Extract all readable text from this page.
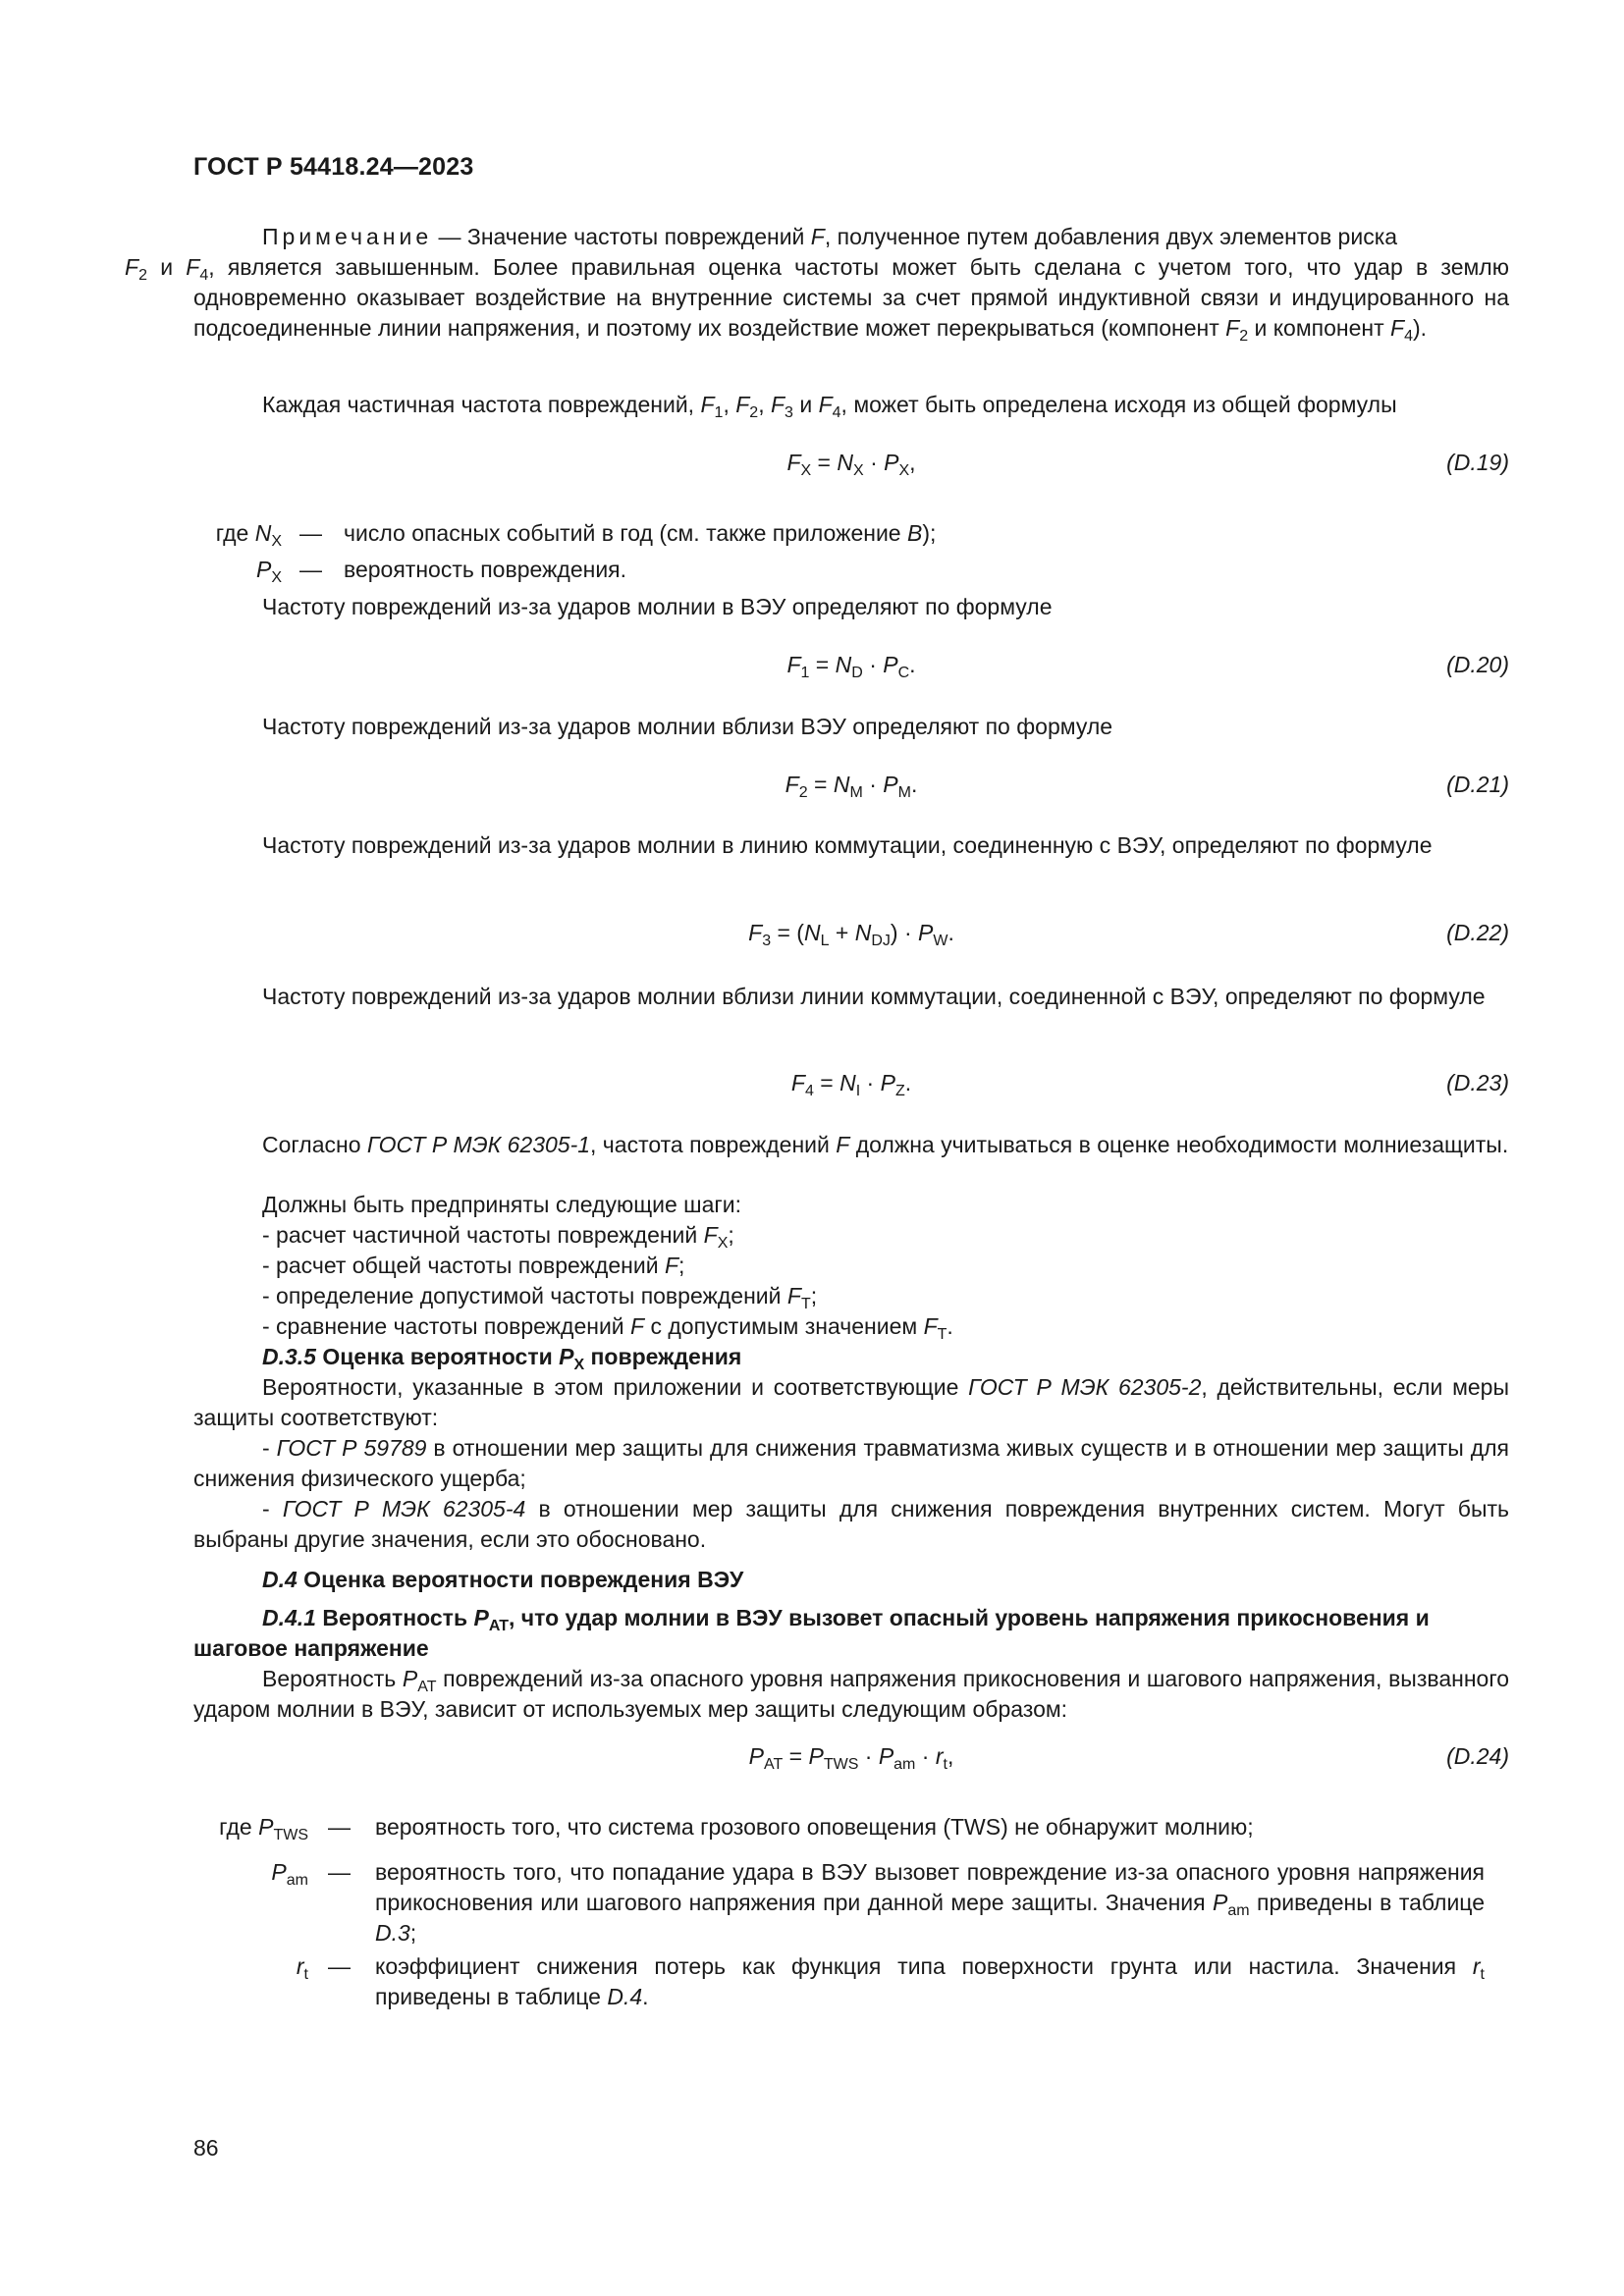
ГОСТ Р 54418.24—2023
Примечание — Значение частоты повреждений F, полученное путем добавления двух элементов риска
$F_2$ и $F_4$, является завышенным. Более правильная оценка частоты может быть сделана с учетом того, что удар в землю одновременно оказывает воздействие на внутренние системы за счет прямой индуктивной связи и индуцированного на подсоединенные линии напряжения, и поэтому их воздействие может перекрываться (компонент $F_2$ и компонент $F_4$).
Каждая частичная частота повреждений, $F_1$, $F_2$, $F_3$ и $F_4$, может быть определена исходя из общей формулы
$F_X = N_X \cdot P_X$,	(D.19)
где $N_X$ — число опасных событий в год (см. также приложение B);
$P_X$ — вероятность повреждения.
Частоту повреждений из-за ударов молнии в ВЭУ определяют по формуле
$F_1 = N_D \cdot P_C$.	(D.20)
Частоту повреждений из-за ударов молнии вблизи ВЭУ определяют по формуле
$F_2 = N_M \cdot P_M$.	(D.21)
Частоту повреждений из-за ударов молнии в линию коммутации, соединенную с ВЭУ, определяют по формуле
$F_3 = (N_L + N_{DJ}) \cdot P_W$.	(D.22)
Частоту повреждений из-за ударов молнии вблизи линии коммутации, соединенной с ВЭУ, определяют по формуле
$F_4 = N_I \cdot P_Z$.	(D.23)
Согласно ГОСТ Р МЭК 62305-1, частота повреждений F должна учитываться в оценке необходимости молниезащиты.
Должны быть предприняты следующие шаги:
- расчет частичной частоты повреждений $F_X$;
- расчет общей частоты повреждений F;
- определение допустимой частоты повреждений $F_T$;
- сравнение частоты повреждений F с допустимым значением $F_T$.
D.3.5 Оценка вероятности $P_X$ повреждения
Вероятности, указанные в этом приложении и соответствующие ГОСТ Р МЭК 62305-2, действительны, если меры защиты соответствуют:
- ГОСТ Р 59789 в отношении мер защиты для снижения травматизма живых существ и в отношении мер защиты для снижения физического ущерба;
- ГОСТ Р МЭК 62305-4 в отношении мер защиты для снижения повреждения внутренних систем. Могут быть выбраны другие значения, если это обосновано.
D.4 Оценка вероятности повреждения ВЭУ
D.4.1 Вероятность $P_{AT}$, что удар молнии в ВЭУ вызовет опасный уровень напряжения прикосновения и шаговое напряжение
Вероятность $P_{AT}$ повреждений из-за опасного уровня напряжения прикосновения и шагового напряжения, вызванного ударом молнии в ВЭУ, зависит от используемых мер защиты следующим образом:
$P_{AT} = P_{TWS} \cdot P_{am} \cdot r_t$,	(D.24)
где $P_{TWS}$ — вероятность того, что система грозового оповещения (TWS) не обнаружит молнию;
$P_{am}$ — вероятность того, что попадание удара в ВЭУ вызовет повреждение из-за опасного уровня напряжения прикосновения или шагового напряжения при данной мере защиты. Значения $P_{am}$ приведены в таблице D.3;
$r_t$ — коэффициент снижения потерь как функция типа поверхности грунта или настила. Значения $r_t$ приведены в таблице D.4.
86
